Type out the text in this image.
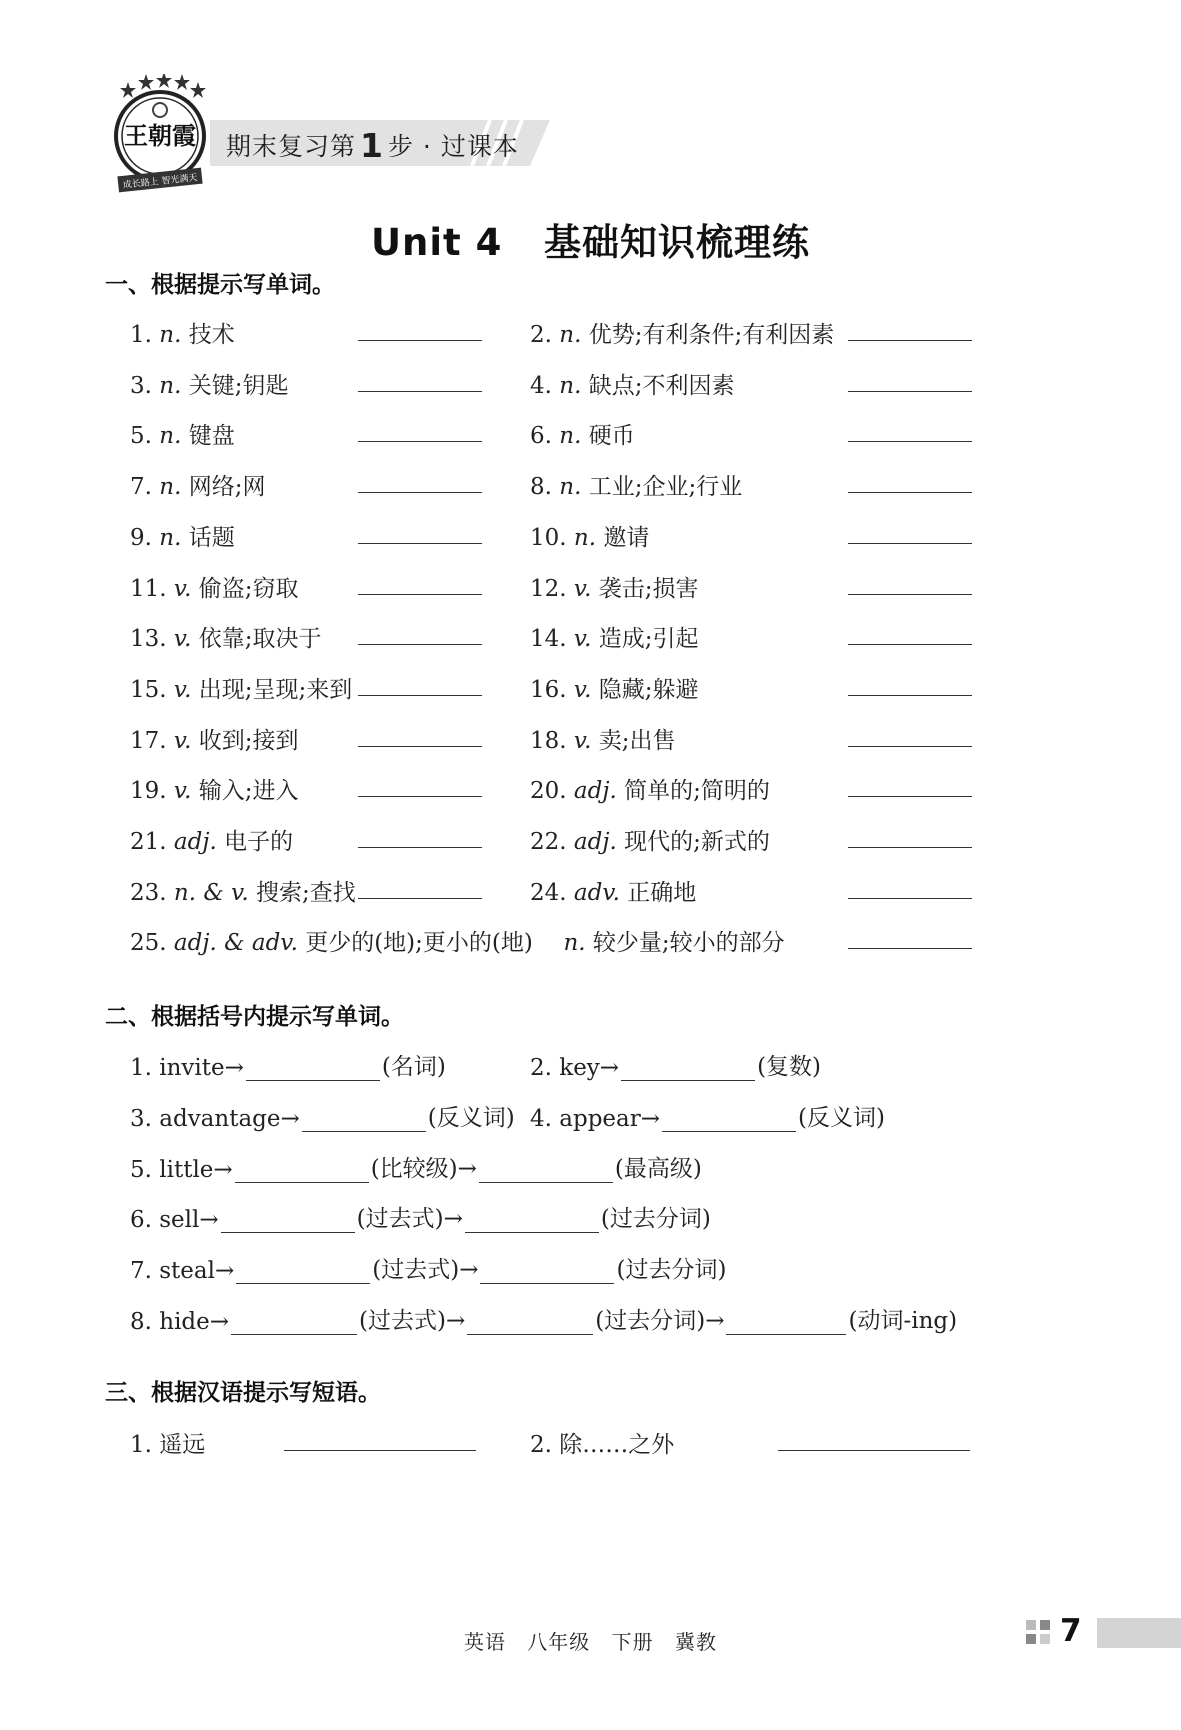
王朝霞
成长路上 智光满天
期末复习第 1 步 · 过课本
Unit 4   基础知识梳理练
一、根据提示写单词。
1. n. 技术	2. n. 优势;有利条件;有利因素
3. n. 关键;钥匙	4. n. 缺点;不利因素
5. n. 键盘	6. n. 硬币
7. n. 网络;网	8. n. 工业;企业;行业
9. n. 话题	10. n. 邀请
11. v. 偷盗;窃取	12. v. 袭击;损害
13. v. 依靠;取决于	14. v. 造成;引起
15. v. 出现;呈现;来到	16. v. 隐藏;躲避
17. v. 收到;接到	18. v. 卖;出售
19. v. 输入;进入	20. adj. 简单的;简明的
21. adj. 电子的	22. adj. 现代的;新式的
23. n. & v. 搜索;查找	24. adv. 正确地
25. adj. & adv. 更少的(地);更小的(地) n. 较少量;较小的部分
二、根据括号内提示写单词。
1. invite→	(名词)	2. key→	(复数)
3. advantage→	(反义词) 4. appear→	(反义词)
5. little→	(比较级)→	(最高级)
6. sell→	(过去式)→	(过去分词)
7. steal→	(过去式)→	(过去分词)
8. hide→	(过去式)→	(过去分词)→	(动词-ing)
三、根据汉语提示写短语。
1. 遥远	2. 除……之外
英语 八年级 下册 冀教	7
